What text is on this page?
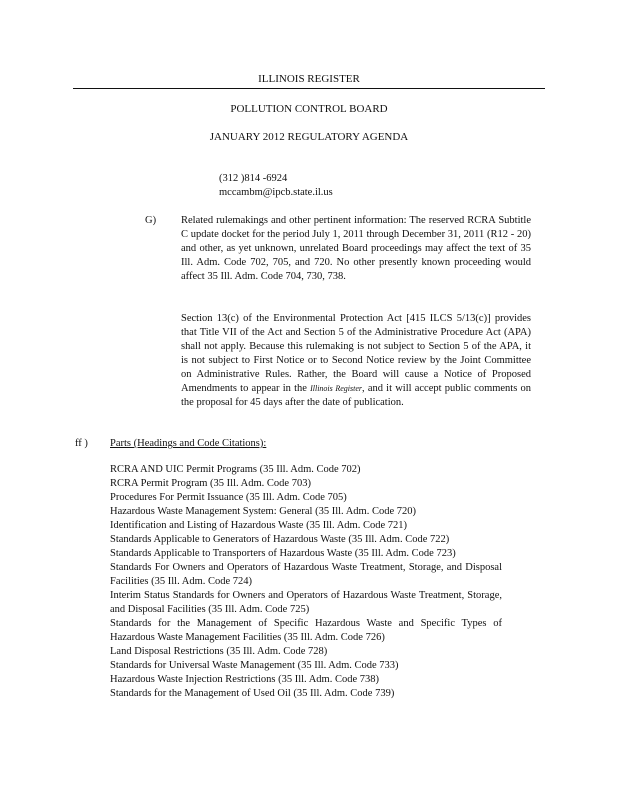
ILLINOIS REGISTER
POLLUTION CONTROL BOARD
JANUARY 2012 REGULATORY AGENDA
(312 )814 -6924
mccambm@ipcb.state.il.us
G) Related rulemakings and other pertinent information: The reserved RCRA Subtitle C update docket for the period July 1, 2011 through December 31, 2011 (R12 - 20) and other, as yet unknown, unrelated Board proceedings may affect the text of 35 Ill. Adm. Code 702, 705, and 720. No other presently known proceeding would affect 35 Ill. Adm. Code 704, 730, 738.
Section 13(c) of the Environmental Protection Act [415 ILCS 5/13(c)] provides that Title VII of the Act and Section 5 of the Administrative Procedure Act (APA) shall not apply. Because this rulemaking is not subject to Section 5 of the APA, it is not subject to First Notice or to Second Notice review by the Joint Committee on Administrative Rules. Rather, the Board will cause a Notice of Proposed Amendments to appear in the Illinois Register, and it will accept public comments on the proposal for 45 days after the date of publication.
ff ) Parts (Headings and Code Citations):
RCRA AND UIC Permit Programs (35 Ill. Adm. Code 702)
RCRA Permit Program (35 Ill. Adm. Code 703)
Procedures For Permit Issuance (35 Ill. Adm. Code 705)
Hazardous Waste Management System: General (35 Ill. Adm. Code 720)
Identification and Listing of Hazardous Waste (35 Ill. Adm. Code 721)
Standards Applicable to Generators of Hazardous Waste (35 Ill. Adm. Code 722)
Standards Applicable to Transporters of Hazardous Waste (35 Ill. Adm. Code 723)
Standards For Owners and Operators of Hazardous Waste Treatment, Storage, and Disposal Facilities (35 Ill. Adm. Code 724)
Interim Status Standards for Owners and Operators of Hazardous Waste Treatment, Storage, and Disposal Facilities (35 Ill. Adm. Code 725)
Standards for the Management of Specific Hazardous Waste and Specific Types of Hazardous Waste Management Facilities (35 Ill. Adm. Code 726)
Land Disposal Restrictions (35 Ill. Adm. Code 728)
Standards for Universal Waste Management (35 Ill. Adm. Code 733)
Hazardous Waste Injection Restrictions (35 Ill. Adm. Code 738)
Standards for the Management of Used Oil (35 Ill. Adm. Code 739)
